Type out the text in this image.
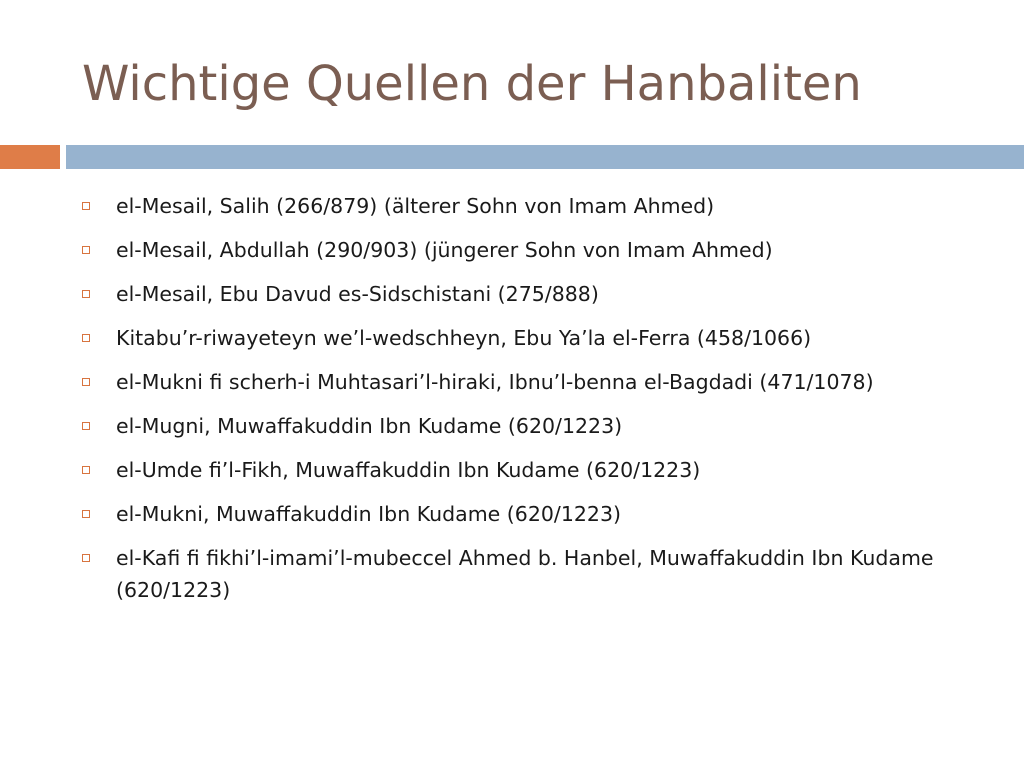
Wichtige Quellen der Hanbaliten
el-Mesail, Salih (266/879) (älterer Sohn von Imam Ahmed)
el-Mesail, Abdullah (290/903) (jüngerer Sohn von Imam Ahmed)
el-Mesail, Ebu Davud es-Sidschistani (275/888)
Kitabu’r-riwayeteyn we’l-wedschheyn, Ebu Ya’la el-Ferra (458/1066)
el-Mukni fi scherh-i Muhtasari’l-hiraki, Ibnu’l-benna el-Bagdadi (471/1078)
el-Mugni, Muwaffakuddin Ibn Kudame (620/1223)
el-Umde fi’l-Fikh, Muwaffakuddin Ibn Kudame (620/1223)
el-Mukni, Muwaffakuddin Ibn Kudame (620/1223)
el-Kafi fi fikhi’l-imami’l-mubeccel Ahmed b. Hanbel, Muwaffakuddin Ibn Kudame (620/1223)
